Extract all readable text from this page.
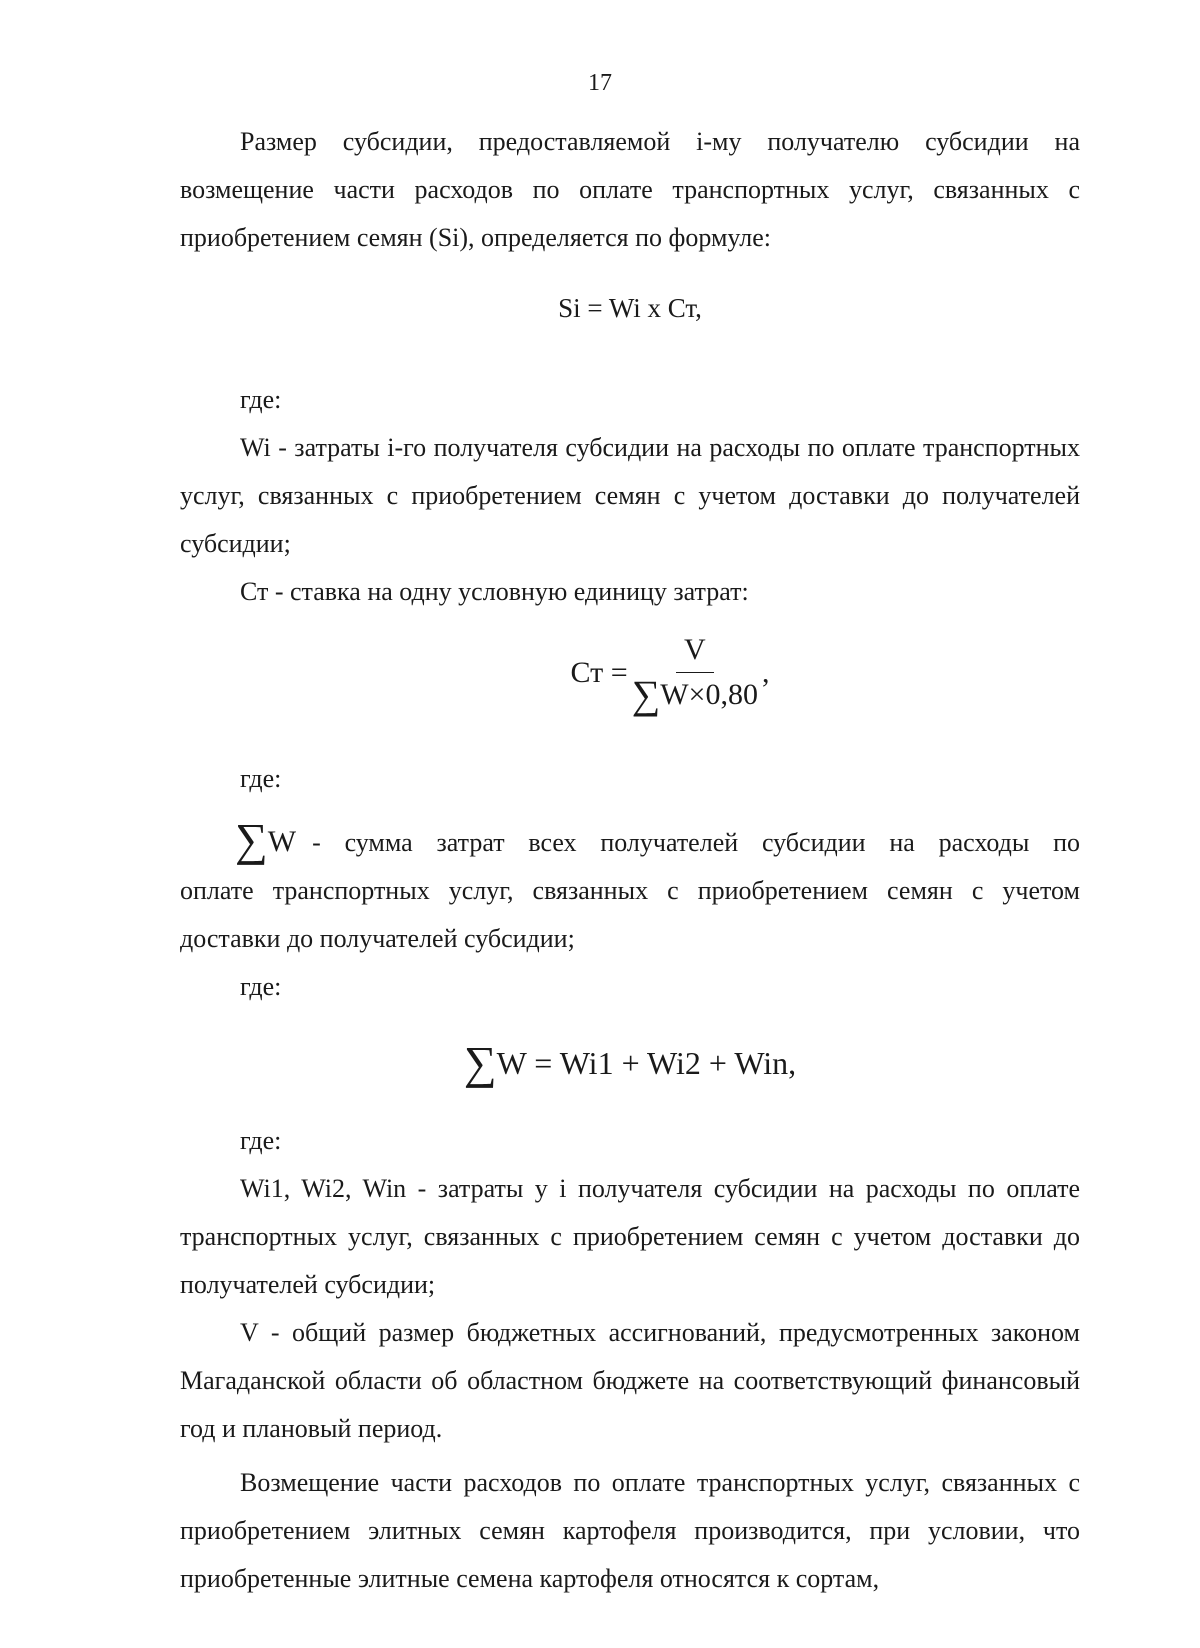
17

Размер субсидии, предоставляемой i-му получателю субсидии на возмещение части расходов по оплате транспортных услуг, связанных с приобретением семян (Si), определяется по формуле:

Si = Wi x Ст,

где:

Wi - затраты i-го получателя субсидии на расходы по оплате транспортных услуг, связанных с приобретением семян с учетом доставки до получателей субсидии;

Ст - ставка на одну условную единицу затрат:

Ст = $\frac{V}{\sum W\times 0,80}$ ,

где:

∑W - сумма затрат всех получателей субсидии на расходы по

оплате транспортных услуг, связанных с приобретением семян с учетом доставки до получателей субсидии;

где:

∑W = Wi1 + Wi2 + Win,

где:

Wi1, Wi2, Win - затраты у i получателя субсидии на расходы по оплате транспортных услуг, связанных с приобретением семян с учетом доставки до получателей субсидии;

V - общий размер бюджетных ассигнований, предусмотренных законом Магаданской области об областном бюджете на соответствующий финансовый год и плановый период.

Возмещение части расходов по оплате транспортных услуг, связанных с приобретением элитных семян картофеля производится, при условии, что приобретенные элитные семена картофеля относятся к сортам,
